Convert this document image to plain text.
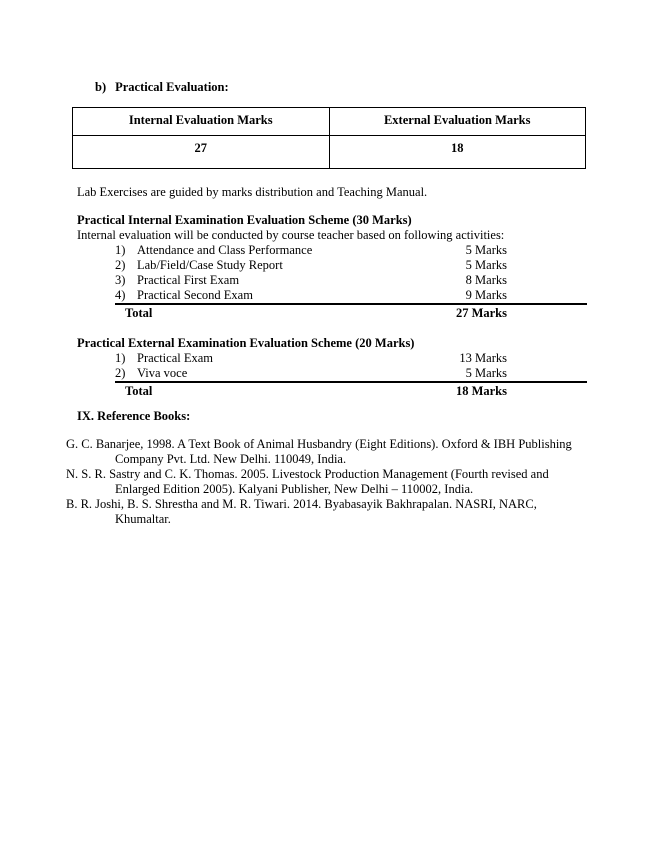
b) Practical Evaluation:
Internal Evaluation Marks	External Evaluation Marks
27	18
Lab Exercises are guided by marks distribution and Teaching Manual.
Practical Internal Examination Evaluation Scheme (30 Marks)
Internal evaluation will be conducted by course teacher based on following activities:
1) Attendance and Class Performance	5 Marks
2) Lab/Field/Case Study Report	5 Marks
3) Practical First Exam	8 Marks
4) Practical Second Exam	9 Marks
Total	27 Marks
Practical External Examination Evaluation Scheme (20 Marks)
1) Practical Exam	13 Marks
2) Viva voce	5 Marks
Total	18 Marks
IX. Reference Books:

G. C. Banarjee, 1998. A Text Book of Animal Husbandry (Eight Editions). Oxford & IBH Publishing Company Pvt. Ltd. New Delhi. 110049, India.

N. S. R. Sastry and C. K. Thomas. 2005. Livestock Production Management (Fourth revised and Enlarged Edition 2005). Kalyani Publisher, New Delhi – 110002, India.

B. R. Joshi, B. S. Shrestha and M. R. Tiwari. 2014. Byabasayik Bakhrapalan. NASRI, NARC, Khumaltar.
